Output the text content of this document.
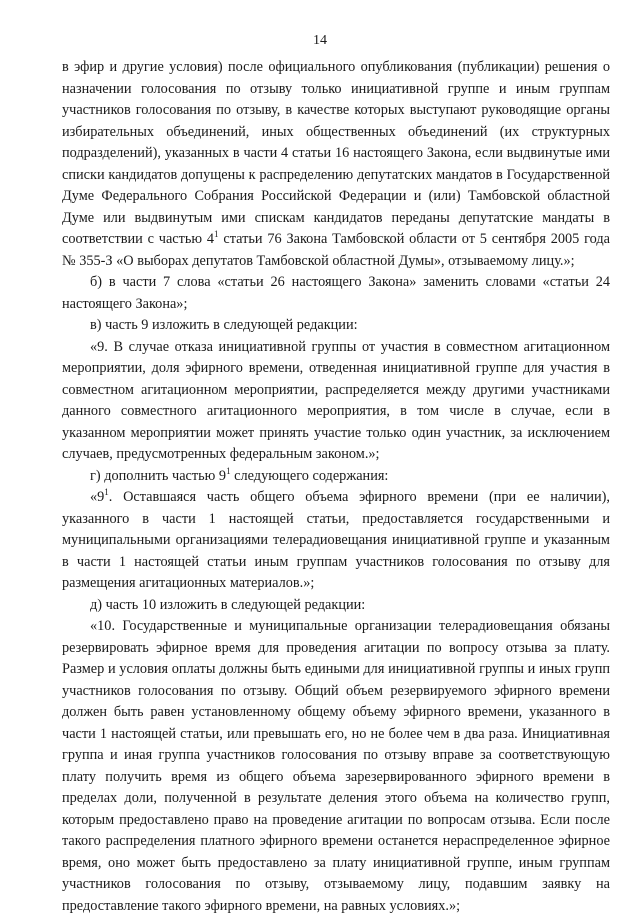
14

в эфир и другие условия) после официального опубликования (публикации) решения о назначении голосования по отзыву только инициативной группе и иным группам участников голосования по отзыву, в качестве которых выступают руководящие органы избирательных объединений, иных общественных объединений (их структурных подразделений), указанных в части 4 статьи 16 настоящего Закона, если выдвинутые ими списки кандидатов допущены к распределению депутатских мандатов в Государственной Думе Федерального Собрания Российской Федерации и (или) Тамбовской областной Думе или выдвинутым ими спискам кандидатов переданы депутатские мандаты в соответствии с частью $4^1$ статьи 76 Закона Тамбовской области от 5 сентября 2005 года № 355-З «О выборах депутатов Тамбовской областной Думы», отзываемому лицу.»;

б) в части 7 слова «статьи 26 настоящего Закона» заменить словами «статьи 24 настоящего Закона»;

в) часть 9 изложить в следующей редакции:

«9. В случае отказа инициативной группы от участия в совместном агитационном мероприятии, доля эфирного времени, отведенная инициативной группе для участия в совместном агитационном мероприятии, распределяется между другими участниками данного совместного агитационного мероприятия, в том числе в случае, если в указанном мероприятии может принять участие только один участник, за исключением случаев, предусмотренных федеральным законом.»;

г) дополнить частью $9^1$ следующего содержания:

«$9^1$. Оставшаяся часть общего объема эфирного времени (при ее наличии), указанного в части 1 настоящей статьи, предоставляется государственными и муниципальными организациями телерадиовещания инициативной группе и указанным в части 1 настоящей статьи иным группам участников голосования по отзыву для размещения агитационных материалов.»;

д) часть 10 изложить в следующей редакции:

«10. Государственные и муниципальные организации телерадиовещания обязаны резервировать эфирное время для проведения агитации по вопросу отзыва за плату. Размер и условия оплаты должны быть едиными для инициативной группы и иных групп участников голосования по отзыву. Общий объем резервируемого эфирного времени должен быть равен установленному общему объему эфирного времени, указанного в части 1 настоящей статьи, или превышать его, но не более чем в два раза. Инициативная группа и иная группа участников голосования по отзыву вправе за соответствующую плату получить время из общего объема зарезервированного эфирного времени в пределах доли, полученной в результате деления этого объема на количество групп, которым предоставлено право на проведение агитации по вопросам отзыва. Если после такого распределения платного эфирного времени останется нераспределенное эфирное время, оно может быть предоставлено за плату инициативной группе, иным группам участников голосования по отзыву, отзываемому лицу, подавшим заявку на предоставление такого эфирного времени, на равных условиях.»;
